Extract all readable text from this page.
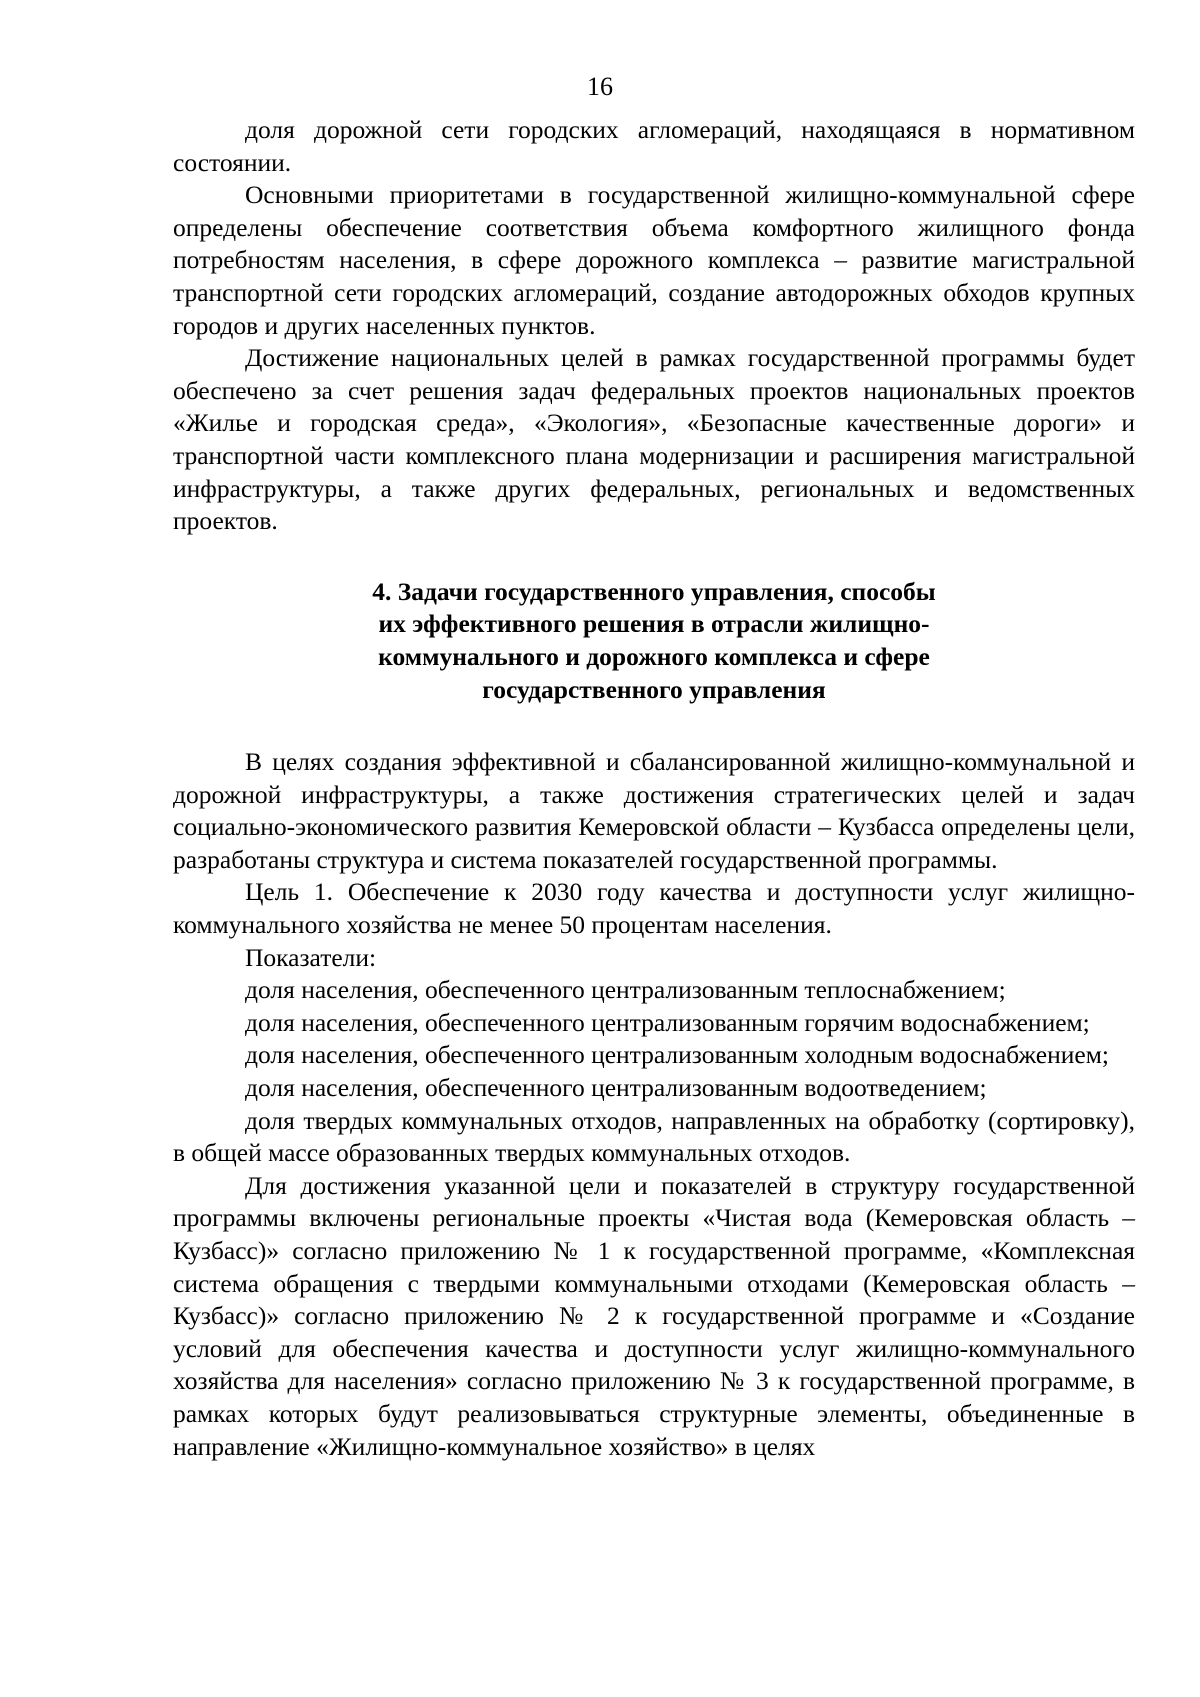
16

доля дорожной сети городских агломераций, находящаяся в нормативном состоянии.

Основными приоритетами в государственной жилищно-коммунальной сфере определены обеспечение соответствия объема комфортного жилищного фонда потребностям населения, в сфере дорожного комплекса – развитие магистральной транспортной сети городских агломераций, создание автодорожных обходов крупных городов и других населенных пунктов.

Достижение национальных целей в рамках государственной программы будет обеспечено за счет решения задач федеральных проектов национальных проектов «Жилье и городская среда», «Экология», «Безопасные качественные дороги» и транспортной части комплексного плана модернизации и расширения магистральной инфраструктуры, а также других федеральных, региональных и ведомственных проектов.

4. Задачи государственного управления, способы
их эффективного решения в отрасли жилищно-
коммунального и дорожного комплекса и сфере
государственного управления

В целях создания эффективной и сбалансированной жилищно-коммунальной и дорожной инфраструктуры, а также достижения стратегических целей и задач социально-экономического развития Кемеровской области – Кузбасса определены цели, разработаны структура и система показателей государственной программы.

Цель 1. Обеспечение к 2030 году качества и доступности услуг жилищно-коммунального хозяйства не менее 50 процентам населения.

Показатели:

доля населения, обеспеченного централизованным теплоснабжением;

доля населения, обеспеченного централизованным горячим водоснабжением;

доля населения, обеспеченного централизованным холодным водоснабжением;

доля населения, обеспеченного централизованным водоотведением;

доля твердых коммунальных отходов, направленных на обработку (сортировку), в общей массе образованных твердых коммунальных отходов.

Для достижения указанной цели и показателей в структуру государственной программы включены региональные проекты «Чистая вода (Кемеровская область – Кузбасс)» согласно приложению № 1 к государственной программе, «Комплексная система обращения с твердыми коммунальными отходами (Кемеровская область – Кузбасс)» согласно приложению № 2 к государственной программе и «Создание условий для обеспечения качества и доступности услуг жилищно-коммунального хозяйства для населения» согласно приложению № 3 к государственной программе, в рамках которых будут реализовываться структурные элементы, объединенные в направление «Жилищно-коммунальное хозяйство» в целях
